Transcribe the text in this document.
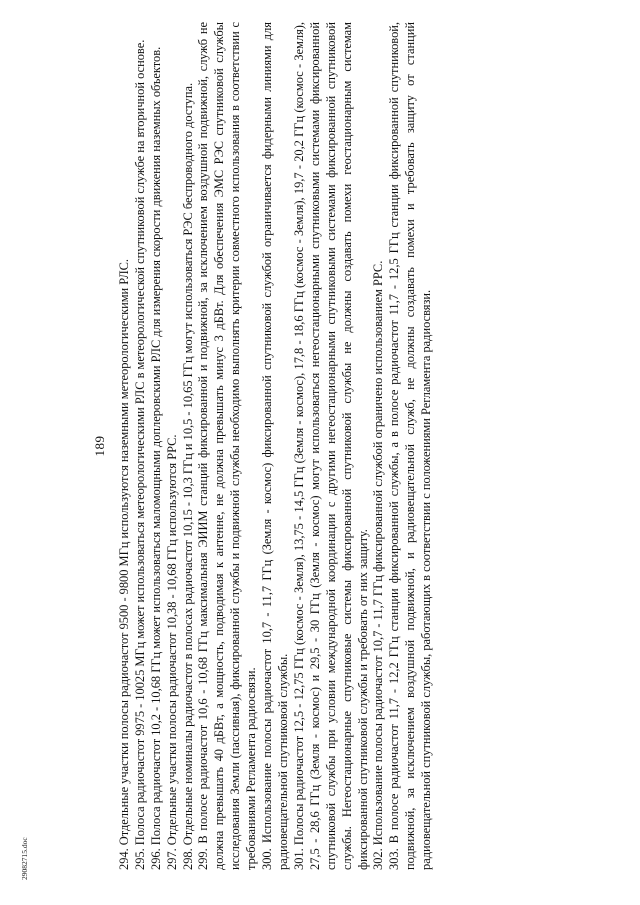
189 294. Отдельные участки полосы радиочастот 9500 - 9800 МГц используются наземными метеорологическими РЛС. 295. Полоса радиочастот 9975 - 10025 МГц может использоваться метеорологическими РЛС в метеорологической спутниковой службе на вторичной основе. 296. Полоса радиочастот 10,2 - 10,68 ГГц может использоваться маломощными доплеровскими РЛС для измерения скорости движения наземных объектов. 297. Отдельные участки полосы радиочастот 10,38 - 10,68 ГГц используются РРС. 298. Отдельные номиналы радиочастот в полосах радиочастот 10,15 - 10,3 ГГц и 10,5 - 10,65 ГГц могут использоваться РЭС беспроводного доступа. 299. В полосе радиочастот 10,6 - 10,68 ГГц максимальная ЭИИМ станций фиксированной и подвижной, за исключением воздушной подвижной, служб не должна превышать 40 дБВт, а мощность, подводимая к антенне, не должна превышать минус 3 дБВт. Для обеспечения ЭМС РЭС спутниковой службы исследования Земли (пассивная), фиксированной службы и подвижной службы необходимо выполнять критерии совместного использования в соответствии с требованиями Регламента радиосвязи. 300. Использование полосы радиочастот 10,7 - 11,7 ГГц (Земля - космос) фиксированной спутниковой службой ограничивается фидерными линиями для радиовещательной спутниковой службы. 301. Полосы радиочастот 12,5 - 12,75 ГГц (космос - Земля), 13,75 - 14,5 ГГц (Земля - космос), 17,8 - 18,6 ГГц (космос - Земля), 19,7 - 20,2 ГГц (космос - Земля), 27,5 - 28,6 ГГц (Земля - космос) и 29,5 - 30 ГГц (Земля - космос) могут использоваться негеостационарными спутниковыми системами фиксированной спутниковой службы при условии международной координации с другими негеостационарными спутниковыми системами фиксированной спутниковой службы. Негеостационарные спутниковые системы фиксированной спутниковой службы не должны создавать помехи геостационарным системам фиксированной спутниковой службы и требовать от них защиту. 302. Использование полосы радиочастот 10,7 - 11,7 ГГц фиксированной службой ограничено использованием РРС. 303. В полосе радиочастот 11,7 - 12,2 ГГц станции фиксированной службы, а в полосе радиочастот 11,7 - 12,5 ГГц станции фиксированной спутниковой, подвижной, за исключением воздушной подвижной, и радиовещательной служб, не должны создавать помехи и требовать защиту от станций радиовещательной спутниковой службы, работающих в соответствии с положениями Регламента радиосвязи.

29082715.doc
